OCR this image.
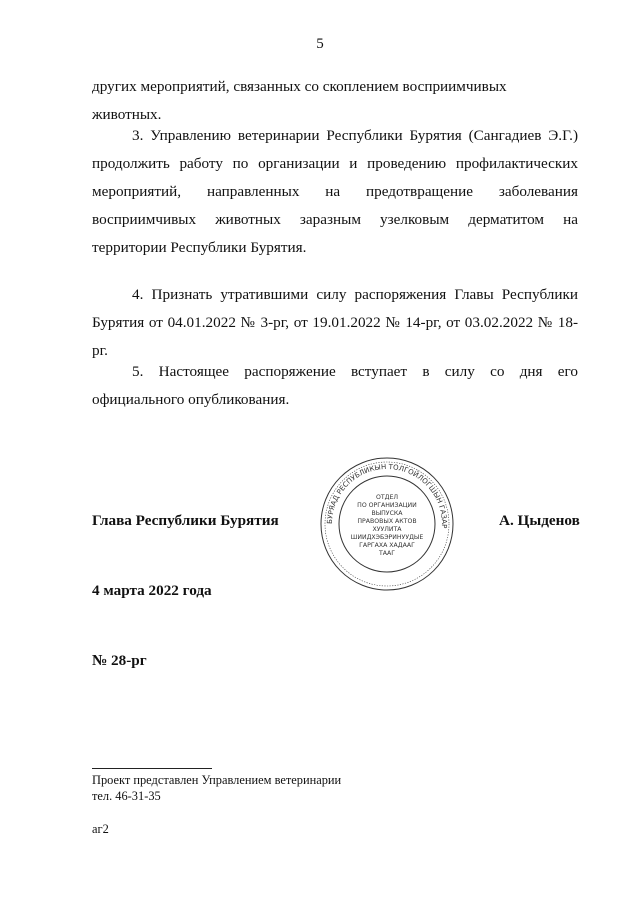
5

других мероприятий, связанных со скоплением восприимчивых животных.

3. Управлению ветеринарии Республики Бурятия (Сангадиев Э.Г.) продолжить работу по организации и проведению профилактических мероприятий, направленных на предотвращение заболевания восприимчивых животных заразным узелковым дерматитом на территории Республики Бурятия.

4. Признать утратившими силу распоряжения Главы Республики Бурятия от 04.01.2022 № 3-рг, от 19.01.2022 № 14-рг, от 03.02.2022 № 18-рг.

5. Настоящее распоряжение вступает в силу со дня его официального опубликования.

Глава Республики Бурятия	БУРЯАД РЕСПУБЛИКЫН ТОЛГОЙЛОГШЫН ГАЗАР
ОТДЕЛ
ПО ОРГАНИЗАЦИИ
ВЫПУСКА
ПРАВОВЫХ АКТОВ
ХУУЛИТА
ШИИДХЭБЭРИНУУДЫЕ
ГАРГАХА ХАДААГ
ТААГ
А. Цыденов
4 марта 2022 года
№ 28-рг
Проект представлен Управлением ветеринарии
тел. 46-31-35
аг2
